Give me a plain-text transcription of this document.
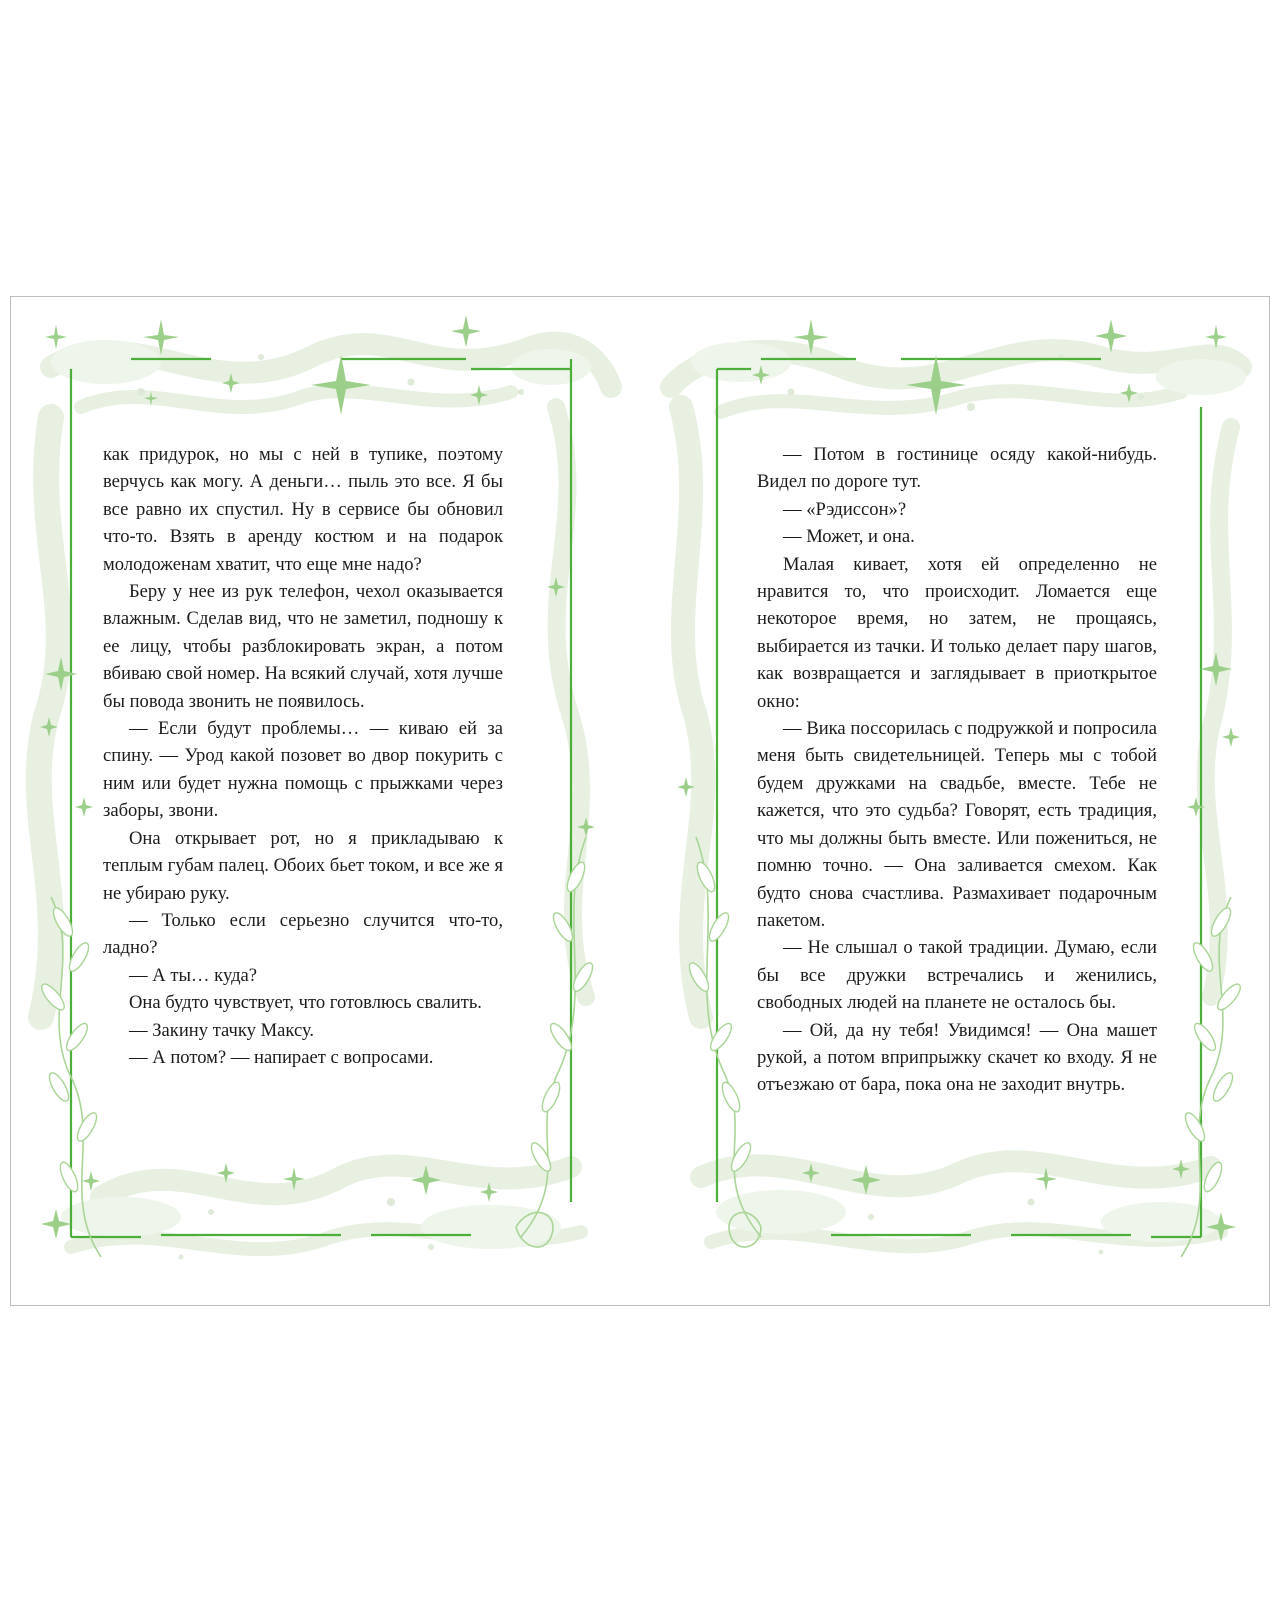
как придурок, но мы с ней в тупике, поэтому верчусь как могу. А деньги… пыль это все. Я бы все равно их спустил. Ну в сервисе бы обновил что-то. Взять в аренду костюм и на подарок молодоженам хватит, что еще мне надо?

Беру у нее из рук телефон, чехол оказывается влажным. Сделав вид, что не заметил, подношу к ее лицу, чтобы разблокировать экран, а потом вбиваю свой номер. На всякий случай, хотя лучше бы повода звонить не появилось.

— Если будут проблемы… — киваю ей за спину. — Урод какой позовет во двор покурить с ним или будет нужна помощь с прыжками через заборы, звони.

Она открывает рот, но я прикладываю к теплым губам палец. Обоих бьет током, и все же я не убираю руку.

— Только если серьезно случится что-то, ладно?

— А ты… куда?

Она будто чувствует, что готовлюсь свалить.

— Закину тачку Максу.

— А потом? — напирает с вопросами.

— Потом в гостинице осяду какой-нибудь. Видел по дороге тут.

— «Рэдиссон»?

— Может, и она.

Малая кивает, хотя ей определенно не нравится то, что происходит. Ломается еще некоторое время, но затем, не прощаясь, выбирается из тачки. И только делает пару шагов, как возвращается и заглядывает в приоткрытое окно:

— Вика поссорилась с подружкой и попросила меня быть свидетельницей. Теперь мы с тобой будем дружками на свадьбе, вместе. Тебе не кажется, что это судьба? Говорят, есть традиция, что мы должны быть вместе. Или пожениться, не помню точно. — Она заливается смехом. Как будто снова счастлива. Размахивает подарочным пакетом.

— Не слышал о такой традиции. Думаю, если бы все дружки встречались и женились, свободных людей на планете не осталось бы.

— Ой, да ну тебя! Увидимся! — Она машет рукой, а потом вприпрыжку скачет ко входу. Я не отъезжаю от бара, пока она не заходит внутрь.
